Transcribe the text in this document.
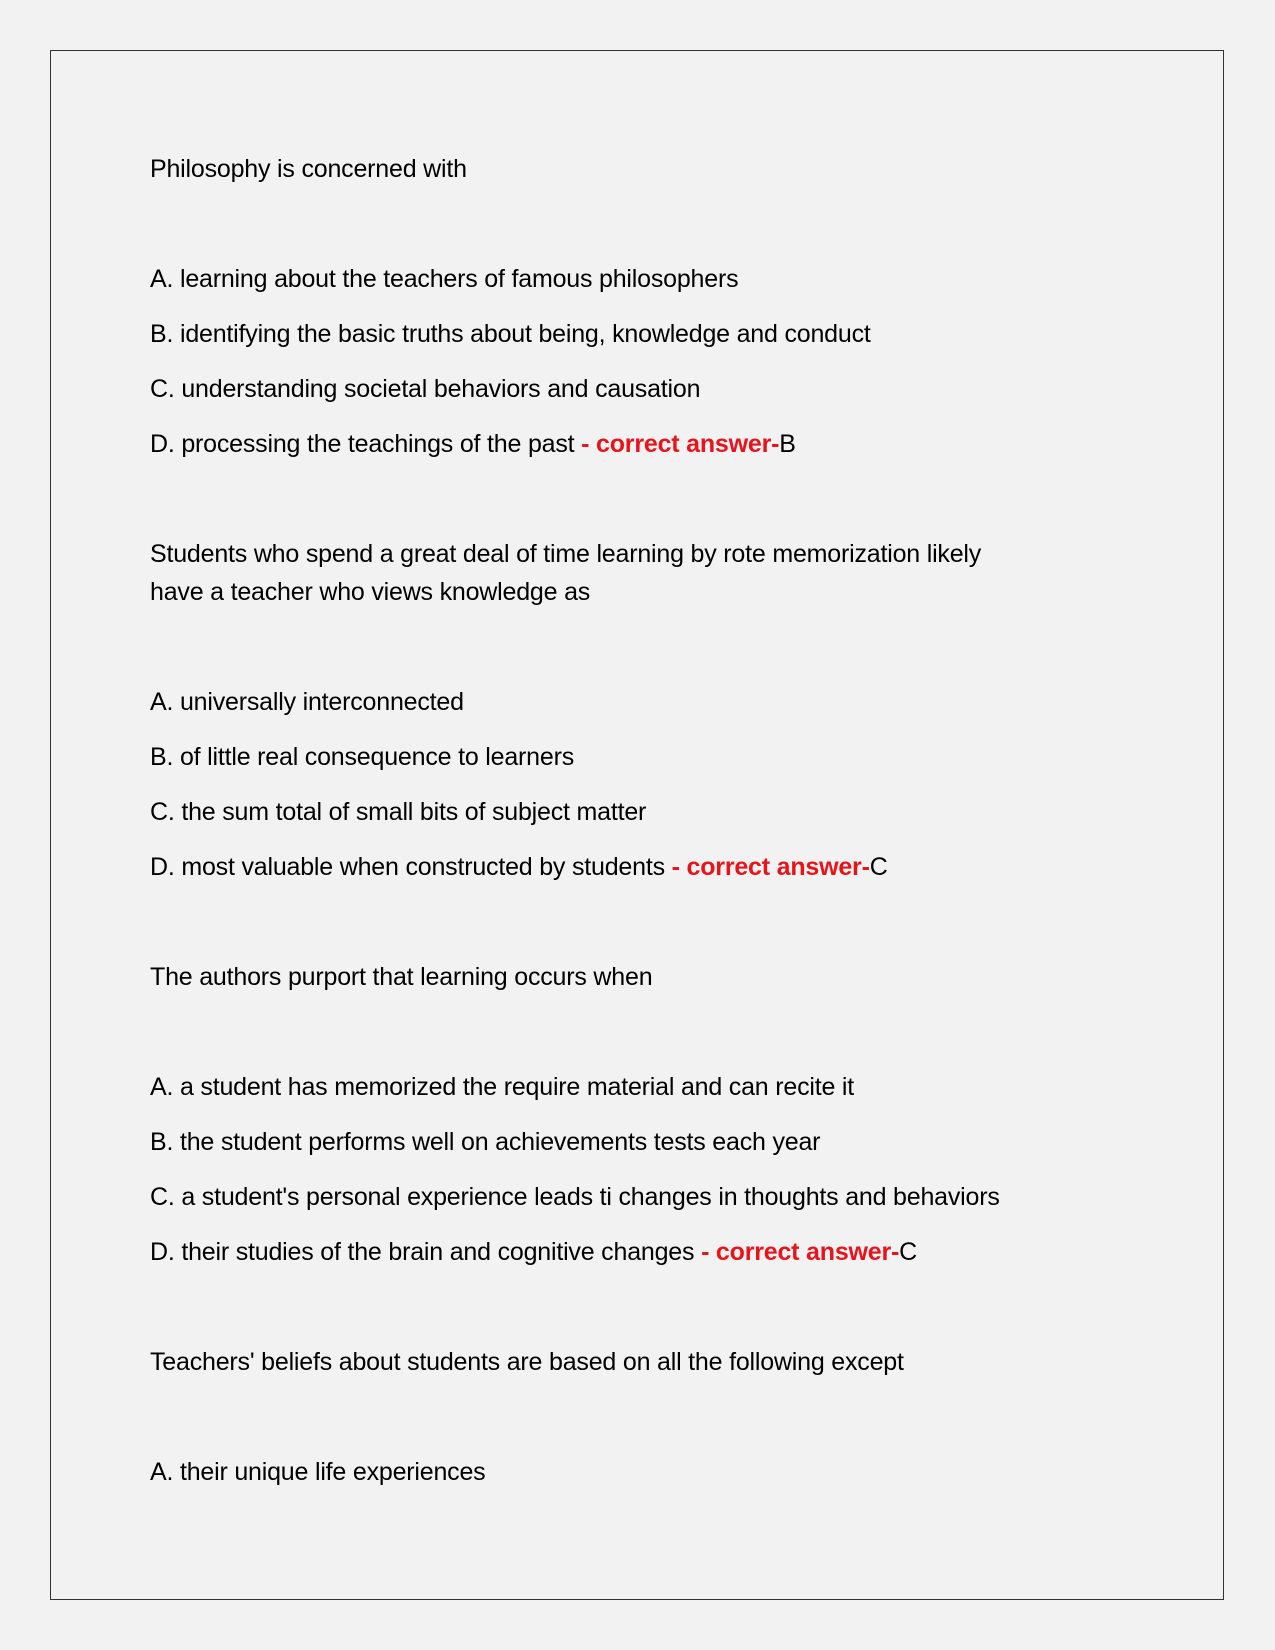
Philosophy is concerned with
A. learning about the teachers of famous philosophers
B. identifying the basic truths about being, knowledge and conduct
C. understanding societal behaviors and causation
D. processing the teachings of the past - correct answer-B
Students who spend a great deal of time learning by rote memorization likely
have a teacher who views knowledge as
A. universally interconnected
B. of little real consequence to learners
C. the sum total of small bits of subject matter
D. most valuable when constructed by students - correct answer-C
The authors purport that learning occurs when
A. a student has memorized the require material and can recite it
B. the student performs well on achievements tests each year
C. a student's personal experience leads ti changes in thoughts and behaviors
D. their studies of the brain and cognitive changes - correct answer-C
Teachers' beliefs about students are based on all the following except
A. their unique life experiences
